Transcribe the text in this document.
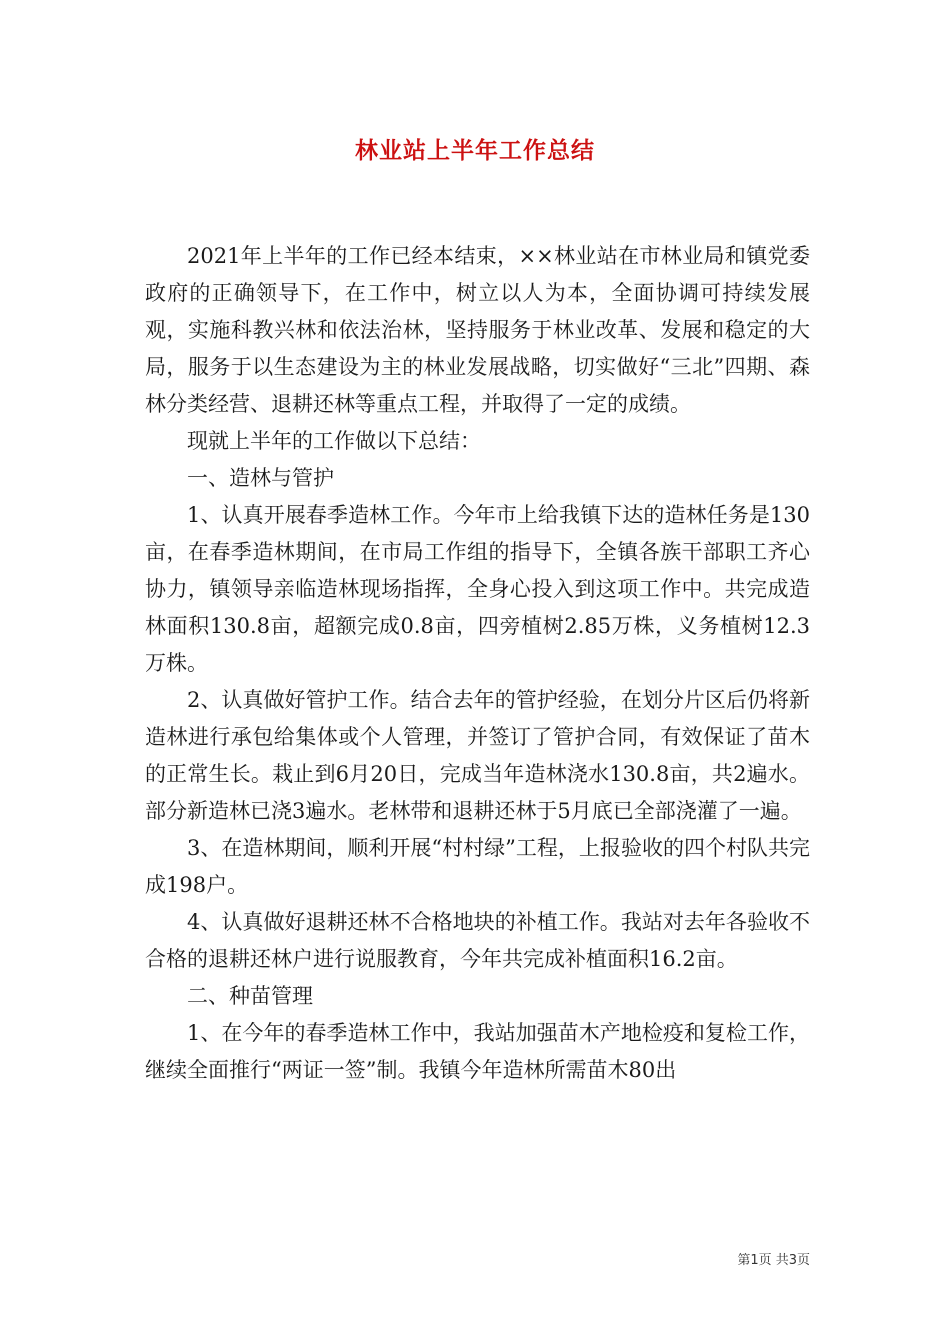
林业站上半年工作总结

2021年上半年的工作已经本结束，××林业站在市林业局和镇党委政府的正确领导下，在工作中，树立以人为本，全面协调可持续发展观，实施科教兴林和依法治林，坚持服务于林业改革、发展和稳定的大局，服务于以生态建设为主的林业发展战略，切实做好“三北”四期、森林分类经营、退耕还林等重点工程，并取得了一定的成绩。

现就上半年的工作做以下总结：

一、造林与管护

1、认真开展春季造林工作。今年市上给我镇下达的造林任务是130亩，在春季造林期间，在市局工作组的指导下，全镇各族干部职工齐心协力，镇领导亲临造林现场指挥，全身心投入到这项工作中。共完成造林面积130.8亩，超额完成0.8亩，四旁植树2.85万株，义务植树12.3万株。

2、认真做好管护工作。结合去年的管护经验，在划分片区后仍将新造林进行承包给集体或个人管理，并签订了管护合同，有效保证了苗木的正常生长。栽止到6月20日，完成当年造林浇水130.8亩，共2遍水。部分新造林已浇3遍水。老林带和退耕还林于5月底已全部浇灌了一遍。

3、在造林期间，顺利开展“村村绿”工程，上报验收的四个村队共完成198户。

4、认真做好退耕还林不合格地块的补植工作。我站对去年各验收不合格的退耕还林户进行说服教育，今年共完成补植面积16.2亩。

二、种苗管理

1、在今年的春季造林工作中，我站加强苗木产地检疫和复检工作，继续全面推行“两证一签”制。我镇今年造林所需苗木80出

第1页 共3页
